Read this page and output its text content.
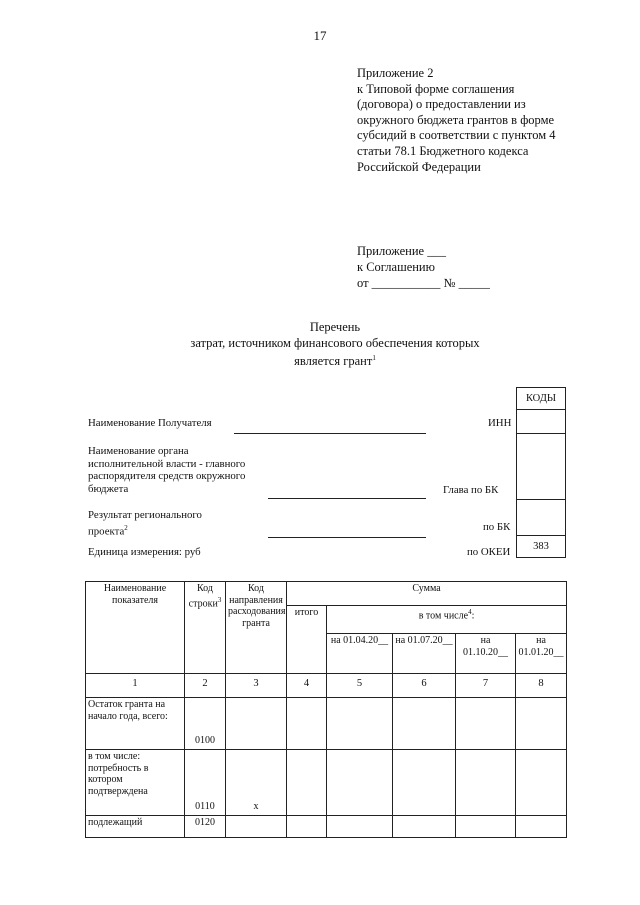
17
Приложение 2
к Типовой форме соглашения
(договора) о предоставлении из
окружного бюджета грантов в форме
субсидий в соответствии с пунктом 4
статьи 78.1 Бюджетного кодекса
Российской Федерации
Приложение ___
к Соглашению
от ___________ № _____
Перечень
затрат, источником финансового обеспечения которых
является грант$^1$
КОДЫ

383
Наименование Получателя	ИНН
Наименование органа
исполнительной власти - главного
распорядителя средств окружного
бюджета	Глава по БК
Результат регионального
проекта$^2$	по БК
Единица измерения: руб	по ОКЕИ
Наименование показателя	Код строки$^3$	Код направления расходования гранта	Сумма				
			итого	в том числе$^4$:			
				на 01.04.20__	на 01.07.20__	на 01.10.20__	на 01.01.20__
1	2	3	4	5	6	7	8
Остаток гранта на начало года, всего:	0100						
в том числе: потребность в котором подтверждена	0110	x					
подлежащий	0120						
